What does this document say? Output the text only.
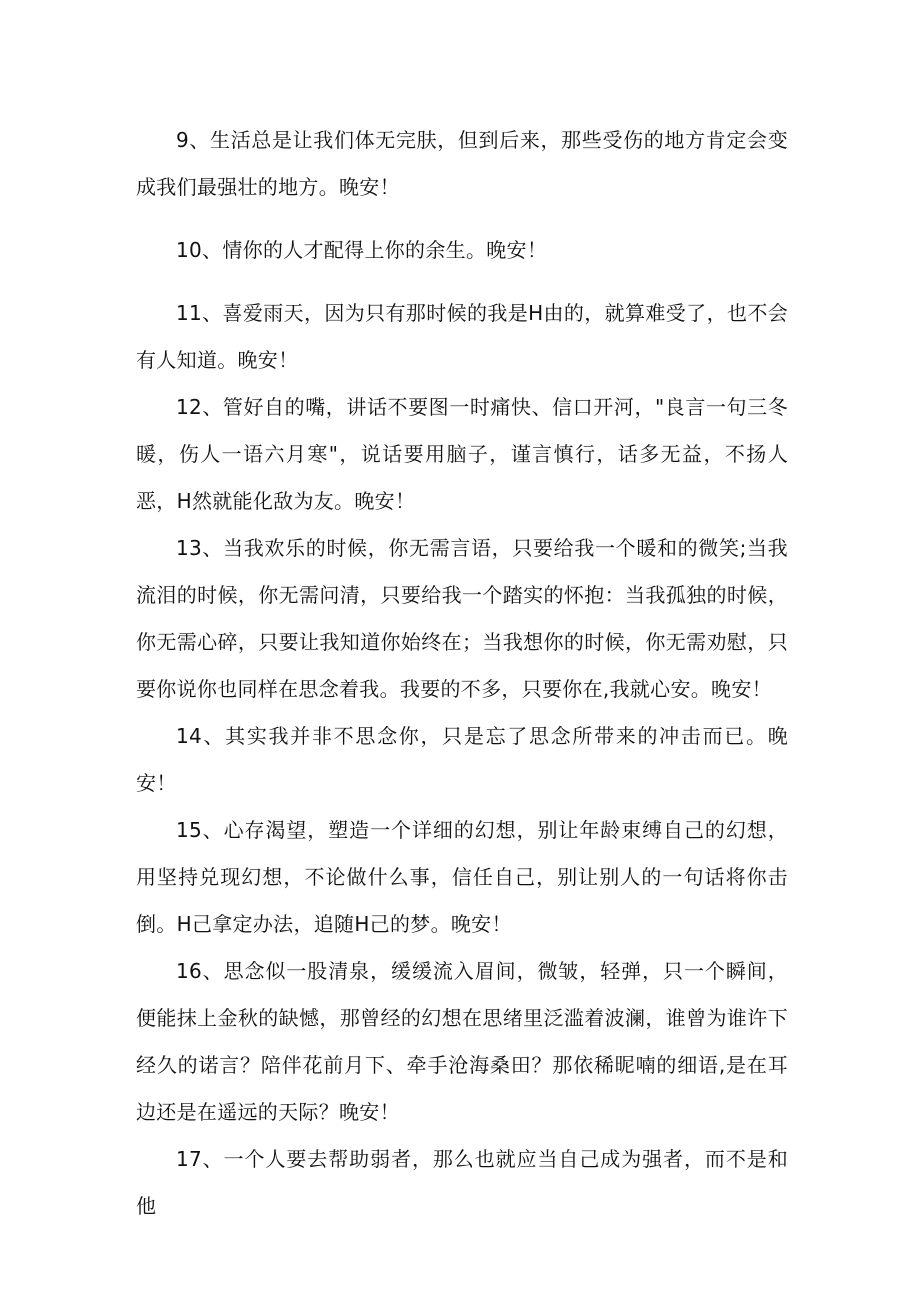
9、生活总是让我们体无完肤，但到后来，那些受伤的地方肯定会变成我们最强壮的地方。晚安！

10、情你的人才配得上你的余生。晚安！

11、喜爱雨天，因为只有那时候的我是H由的，就算难受了，也不会有人知道。晚安！

12、管好自的嘴，讲话不要图一时痛快、信口开河，"良言一句三冬暖，伤人一语六月寒"，说话要用脑子，谨言慎行，话多无益，不扬人恶，H然就能化敌为友。晚安！

13、当我欢乐的时候，你无需言语，只要给我一个暖和的微笑;当我流泪的时候，你无需问清，只要给我一个踏实的怀抱：当我孤独的时候，你无需心碎，只要让我知道你始终在；当我想你的时候，你无需劝慰，只要你说你也同样在思念着我。我要的不多，只要你在,我就心安。晚安！

14、其实我并非不思念你，只是忘了思念所带来的冲击而已。晚安！

15、心存渴望，塑造一个详细的幻想，别让年龄束缚自己的幻想，用坚持兑现幻想，不论做什么事，信任自己，别让别人的一句话将你击倒。H己拿定办法，追随H己的梦。晚安！

16、思念似一股清泉，缓缓流入眉间，微皱，轻弹，只一个瞬间，便能抹上金秋的缺憾，那曾经的幻想在思绪里泛滥着波澜，谁曾为谁许下经久的诺言？陪伴花前月下、牵手沧海桑田？那依稀昵喃的细语,是在耳边还是在遥远的天际？晚安！

17、一个人要去帮助弱者，那么也就应当自己成为强者，而不是和他
